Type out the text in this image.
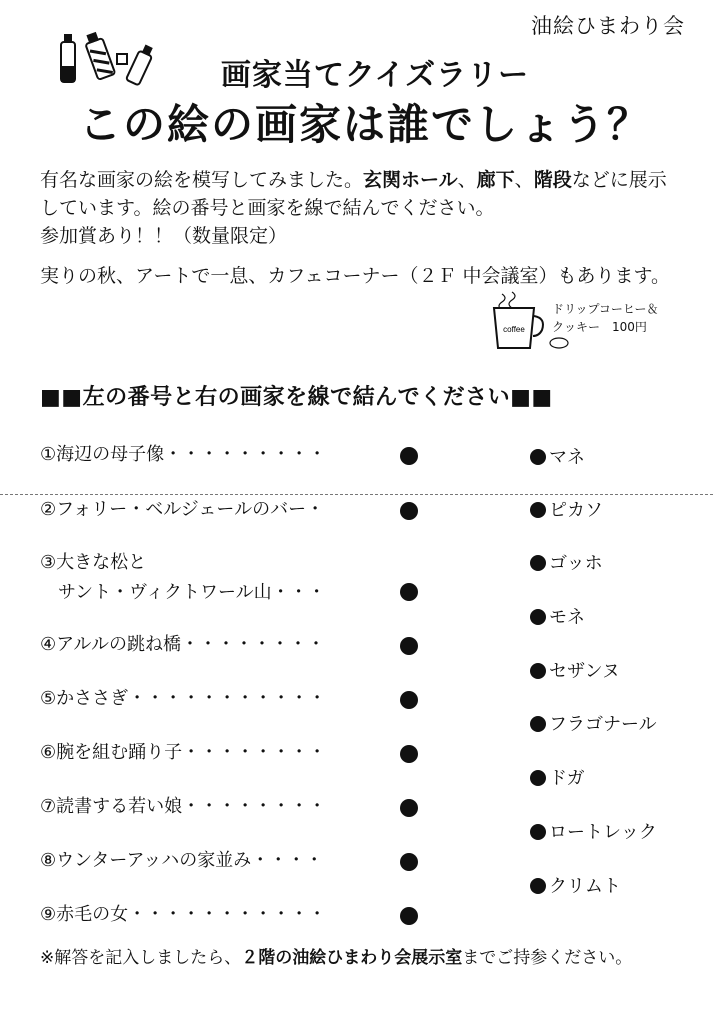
油絵ひまわり会
画家当てクイズラリー
この絵の画家は誰でしょう？
有名な画家の絵を模写してみました。玄関ホール、廊下、階段などに展示しています。絵の番号と画家を線で結んでください。
参加賞あり！！（数量限定）
実りの秋、アートで一息、カフェコーナー（２Ｆ 中会議室）もあります。
coffee
ドリップコーヒー＆
クッキー　100円
■■左の番号と右の画家を線で結んでください■■
①海辺の母子像・・・・・・・・・
②フォリー・ベルジェールのバー・
③大きな松と
　サント・ヴィクトワール山・・・
④アルルの跳ね橋・・・・・・・・
⑤かささぎ・・・・・・・・・・・
⑥腕を組む踊り子・・・・・・・・
⑦読書する若い娘・・・・・・・・
⑧ウンターアッハの家並み・・・・
⑨赤毛の女・・・・・・・・・・・
マネ
ピカソ
ゴッホ
モネ
セザンヌ
フラゴナール
ドガ
ロートレック
クリムト
※解答を記入しましたら、２階の油絵ひまわり会展示室までご持参ください。
